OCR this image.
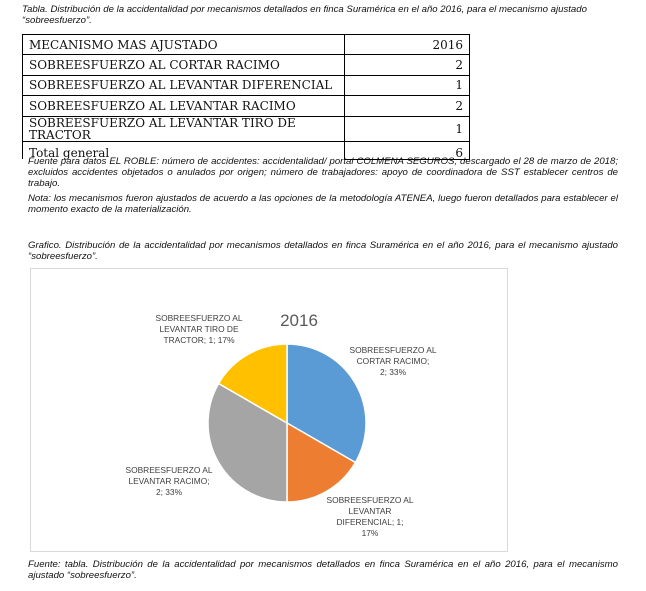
Tabla. Distribución de la accidentalidad por mecanismos detallados en finca Suramérica en el año 2016, para el mecanismo ajustado “sobreesfuerzo”.
MECANISMO MAS AJUSTADO	2016
SOBREESFUERZO AL CORTAR RACIMO	2
SOBREESFUERZO AL LEVANTAR DIFERENCIAL	1
SOBREESFUERZO AL LEVANTAR RACIMO	2
SOBREESFUERZO AL LEVANTAR TIRO DE TRACTOR	1
Total general	6
Fuente para datos EL ROBLE: número de accidentes: accidentalidad/ portal COLMENA SEGUROS; descargado el 28 de marzo de 2018; excluidos accidentes objetados o anulados por origen; número de trabajadores: apoyo de coordinadora de SST establecer centros de trabajo.
Nota: los mecanismos fueron ajustados de acuerdo a las opciones de la metodología ATENEA, luego fueron detallados para establecer el momento exacto de la materialización.
Grafico. Distribución de la accidentalidad por mecanismos detallados en finca Suramérica en el año 2016, para el mecanismo ajustado “sobreesfuerzo”.
2016
SOBREESFUERZO AL
CORTAR RACIMO;
2; 33%
SOBREESFUERZO AL
LEVANTAR
DIFERENCIAL; 1;
17%
SOBREESFUERZO AL
LEVANTAR RACIMO;
2; 33%
SOBREESFUERZO AL
LEVANTAR TIRO DE
TRACTOR; 1; 17%
Fuente: tabla. Distribución de la accidentalidad por mecanismos detallados en finca Suramérica en el año 2016, para el mecanismo ajustado “sobreesfuerzo”.
